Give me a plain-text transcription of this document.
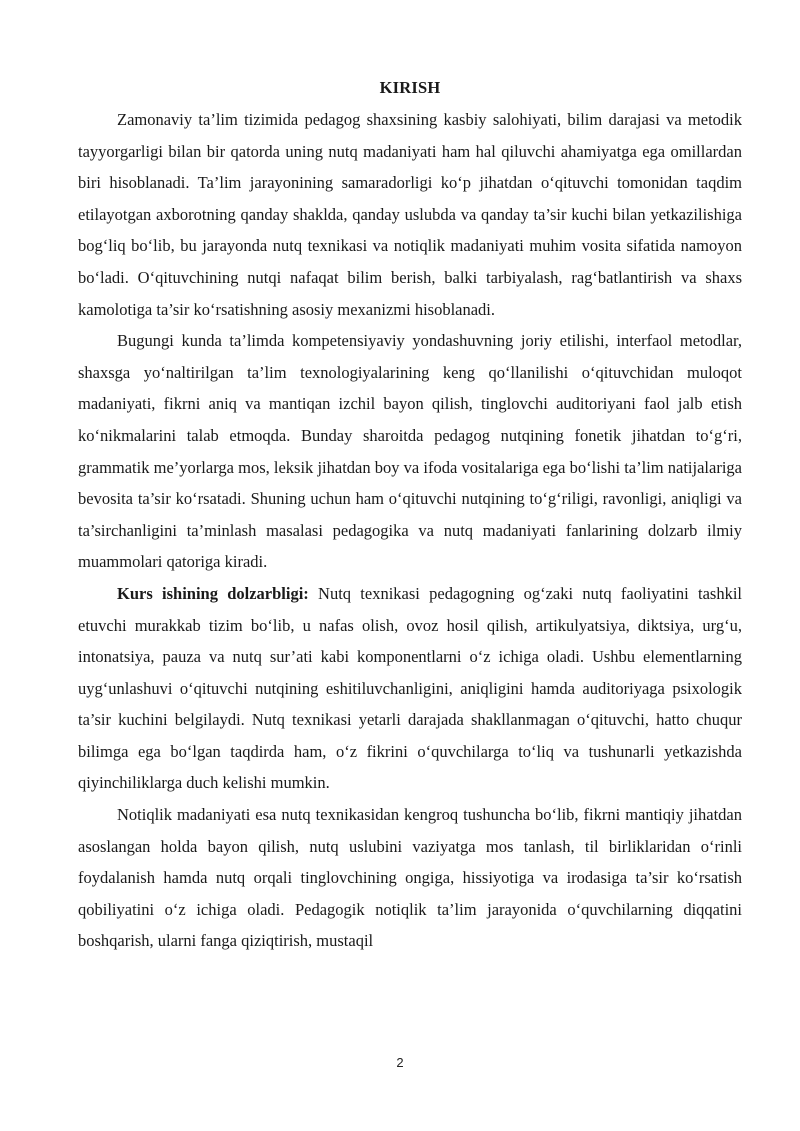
KIRISH

Zamonaviy ta’lim tizimida pedagog shaxsining kasbiy salohiyati, bilim darajasi va metodik tayyorgarligi bilan bir qatorda uning nutq madaniyati ham hal qiluvchi ahamiyatga ega omillardan biri hisoblanadi. Ta’lim jarayonining samaradorligi ko‘p jihatdan o‘qituvchi tomonidan taqdim etilayotgan axborotning qanday shaklda, qanday uslubda va qanday ta’sir kuchi bilan yetkazilishiga bog‘liq bo‘lib, bu jarayonda nutq texnikasi va notiqlik madaniyati muhim vosita sifatida namoyon bo‘ladi. O‘qituvchining nutqi nafaqat bilim berish, balki tarbiyalash, rag‘batlantirish va shaxs kamolotiga ta’sir ko‘rsatishning asosiy mexanizmi hisoblanadi.

Bugungi kunda ta’limda kompetensiyaviy yondashuvning joriy etilishi, interfaol metodlar, shaxsga yo‘naltirilgan ta’lim texnologiyalarining keng qo‘llanilishi o‘qituvchidan muloqot madaniyati, fikrni aniq va mantiqan izchil bayon qilish, tinglovchi auditoriyani faol jalb etish ko‘nikmalarini talab etmoqda. Bunday sharoitda pedagog nutqining fonetik jihatdan to‘g‘ri, grammatik me’yorlarga mos, leksik jihatdan boy va ifoda vositalariga ega bo‘lishi ta’lim natijalariga bevosita ta’sir ko‘rsatadi. Shuning uchun ham o‘qituvchi nutqining to‘g‘riligi, ravonligi, aniqligi va ta’sirchanligini ta’minlash masalasi pedagogika va nutq madaniyati fanlarining dolzarb ilmiy muammolari qatoriga kiradi.

Kurs ishining dolzarbligi: Nutq texnikasi pedagogning og‘zaki nutq faoliyatini tashkil etuvchi murakkab tizim bo‘lib, u nafas olish, ovoz hosil qilish, artikulyatsiya, diktsiya, urg‘u, intonatsiya, pauza va nutq sur’ati kabi komponentlarni o‘z ichiga oladi. Ushbu elementlarning uyg‘unlashuvi o‘qituvchi nutqining eshitiluvchanligini, aniqligini hamda auditoriyaga psixologik ta’sir kuchini belgilaydi. Nutq texnikasi yetarli darajada shakllanmagan o‘qituvchi, hatto chuqur bilimga ega bo‘lgan taqdirda ham, o‘z fikrini o‘quvchilarga to‘liq va tushunarli yetkazishda qiyinchiliklarga duch kelishi mumkin.

Notiqlik madaniyati esa nutq texnikasidan kengroq tushuncha bo‘lib, fikrni mantiqiy jihatdan asoslangan holda bayon qilish, nutq uslubini vaziyatga mos tanlash, til birliklaridan o‘rinli foydalanish hamda nutq orqali tinglovchining ongiga, hissiyotiga va irodasiga ta’sir ko‘rsatish qobiliyatini o‘z ichiga oladi. Pedagogik notiqlik ta’lim jarayonida o‘quvchilarning diqqatini boshqarish, ularni fanga qiziqtirish, mustaqil

2
